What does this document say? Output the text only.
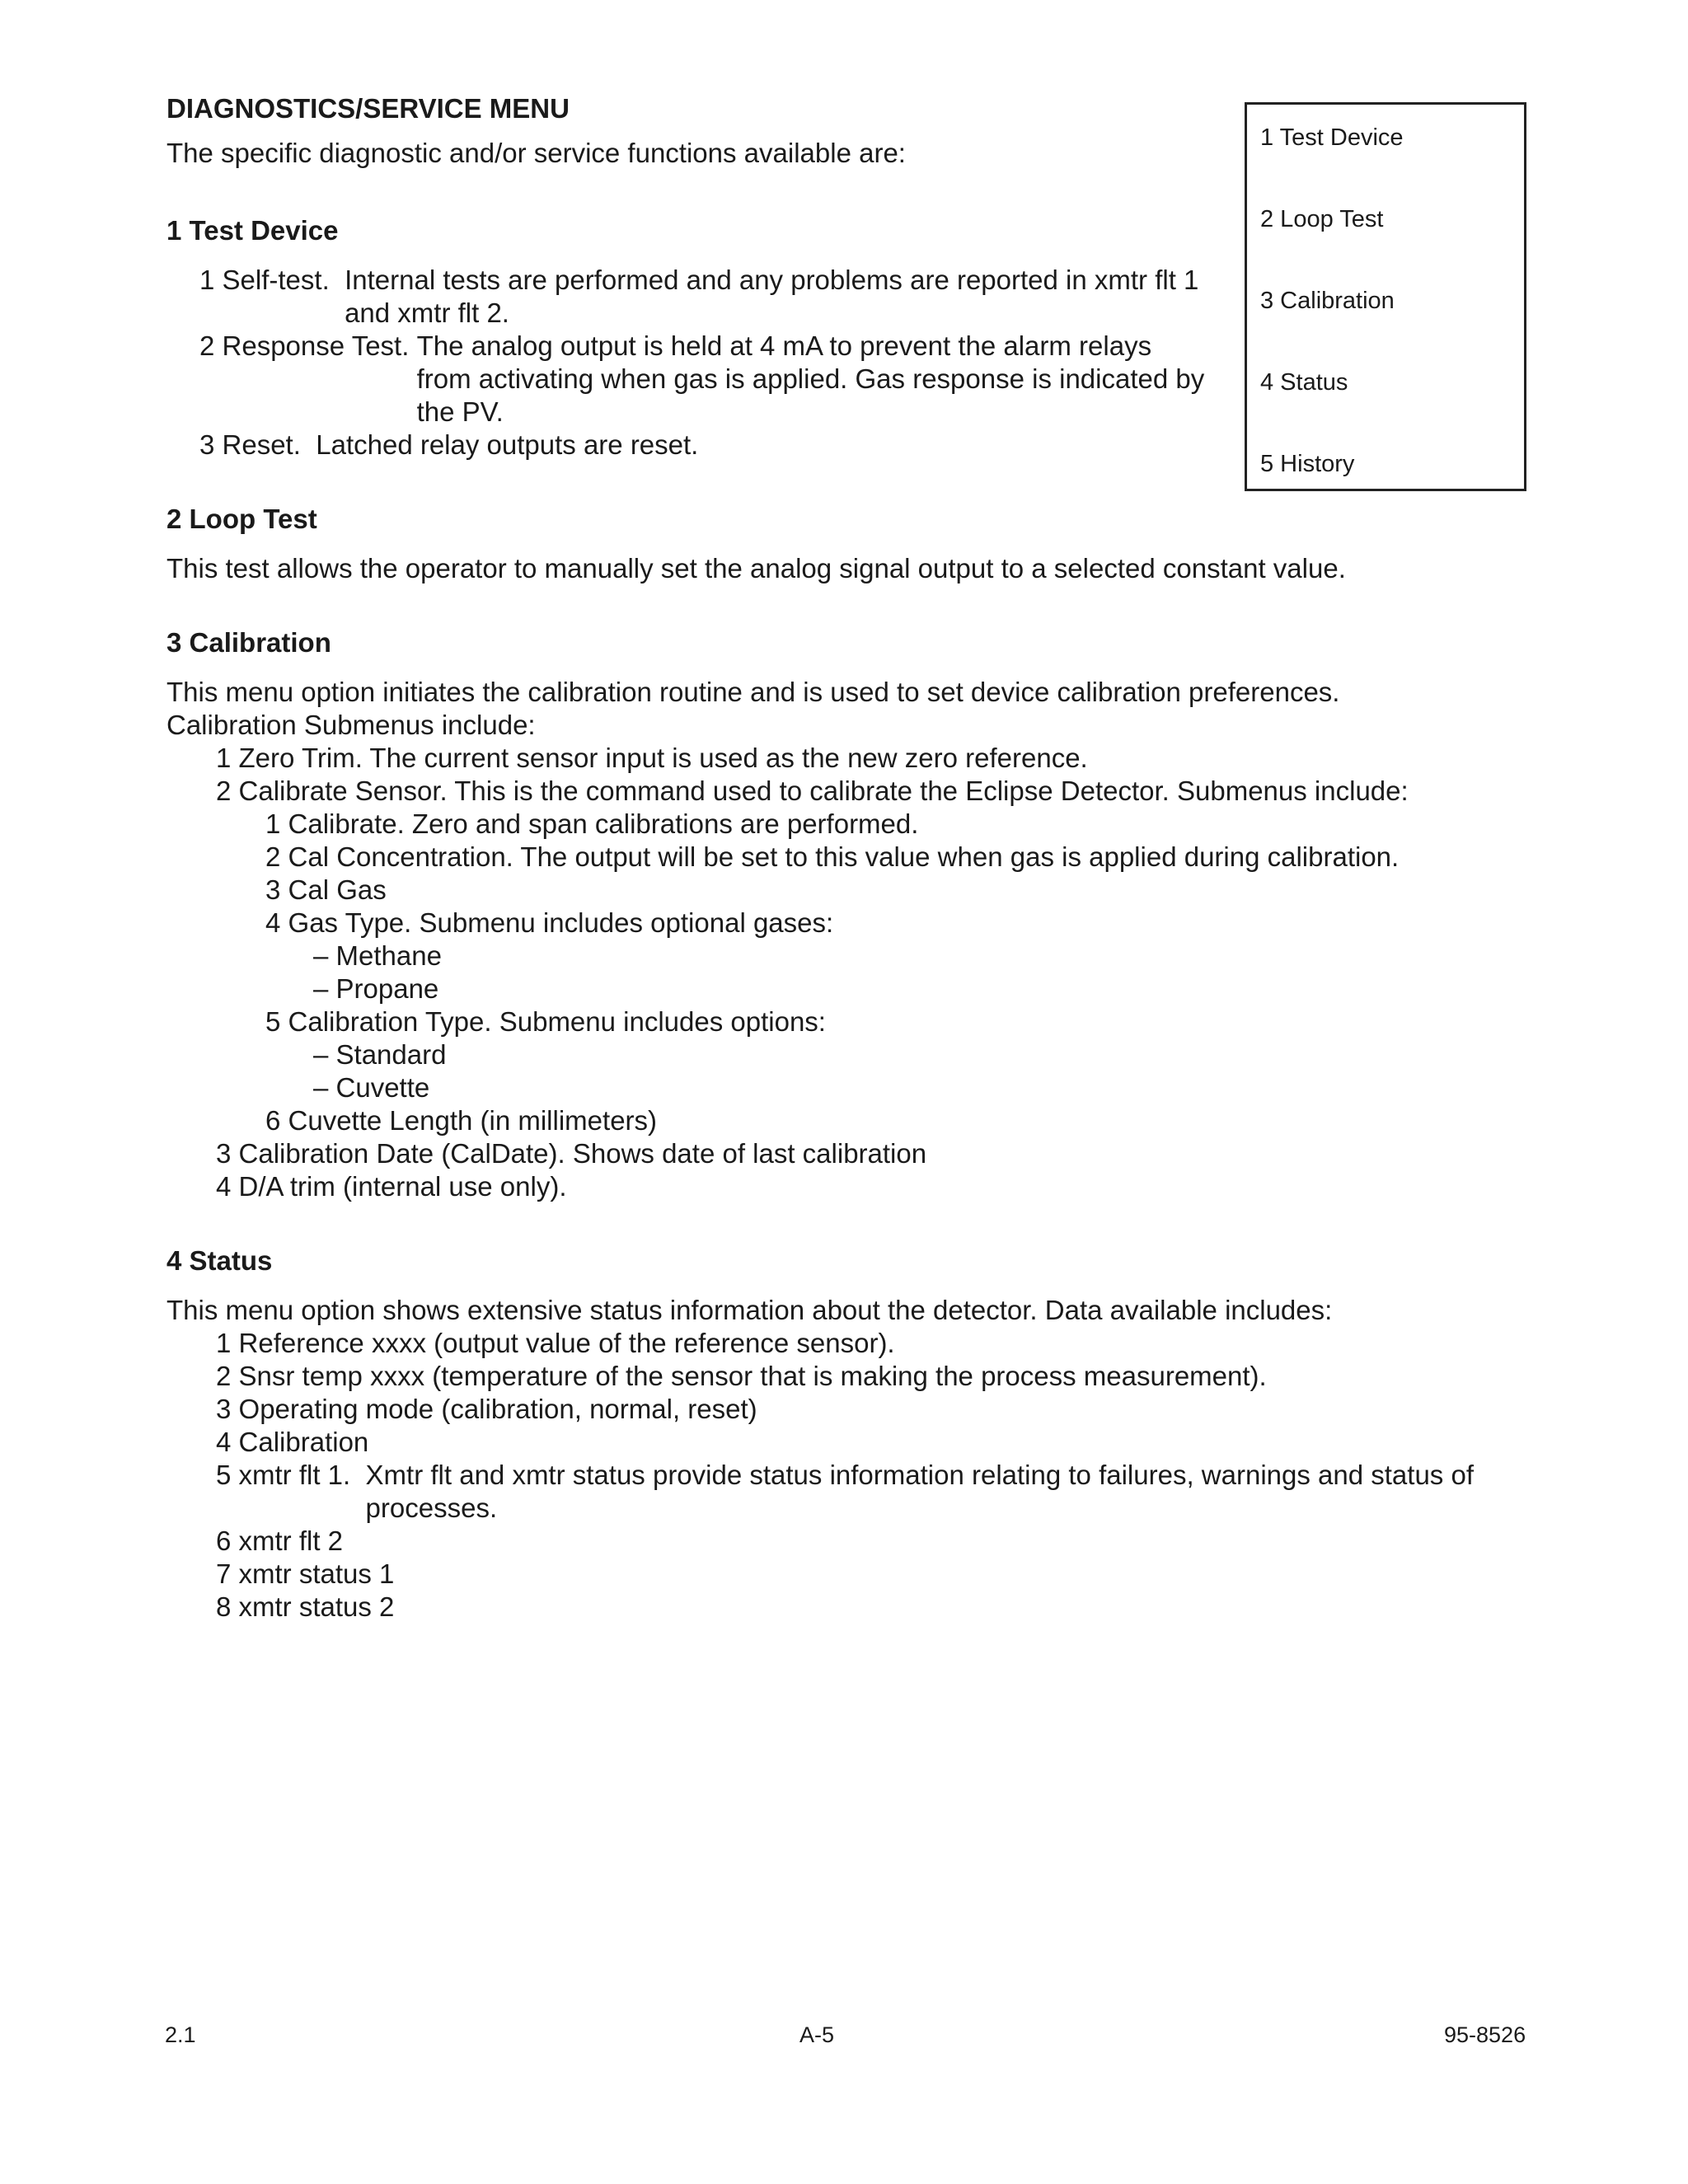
DIAGNOSTICS/SERVICE MENU

The specific diagnostic and/or service functions available are:

1 Test Device
1 Self-test. Internal tests are performed and any problems are reported in xmtr flt 1 and xmtr flt 2.
2 Response Test. The analog output is held at 4 mA to prevent the alarm relays from activating when gas is applied. Gas response is indicated by the PV.
3 Reset. Latched relay outputs are reset.
2 Loop Test

This test allows the operator to manually set the analog signal output to a selected constant value.

3 Calibration
This menu option initiates the calibration routine and is used to set device calibration preferences.
Calibration Submenus include:
1 Zero Trim. The current sensor input is used as the new zero reference.
2 Calibrate Sensor. This is the command used to calibrate the Eclipse Detector. Submenus include:
1 Calibrate. Zero and span calibrations are performed.
2 Cal Concentration. The output will be set to this value when gas is applied during calibration.
3 Cal Gas
4 Gas Type. Submenu includes optional gases:
– Methane
– Propane
5 Calibration Type. Submenu includes options:
– Standard
– Cuvette
6 Cuvette Length (in millimeters)
3 Calibration Date (CalDate). Shows date of last calibration
4 D/A trim (internal use only).
4 Status
This menu option shows extensive status information about the detector. Data available includes:
1 Reference xxxx (output value of the reference sensor).
2 Snsr temp xxxx (temperature of the sensor that is making the process measurement).
3 Operating mode (calibration, normal, reset)
4 Calibration
5 xmtr flt 1. Xmtr flt and xmtr status provide status information relating to failures, warnings and status of processes.
6 xmtr flt 2
7 xmtr status 1
8 xmtr status 2
1 Test Device
2 Loop Test
3 Calibration
4 Status
5 History
2.1	A-5	95-8526
